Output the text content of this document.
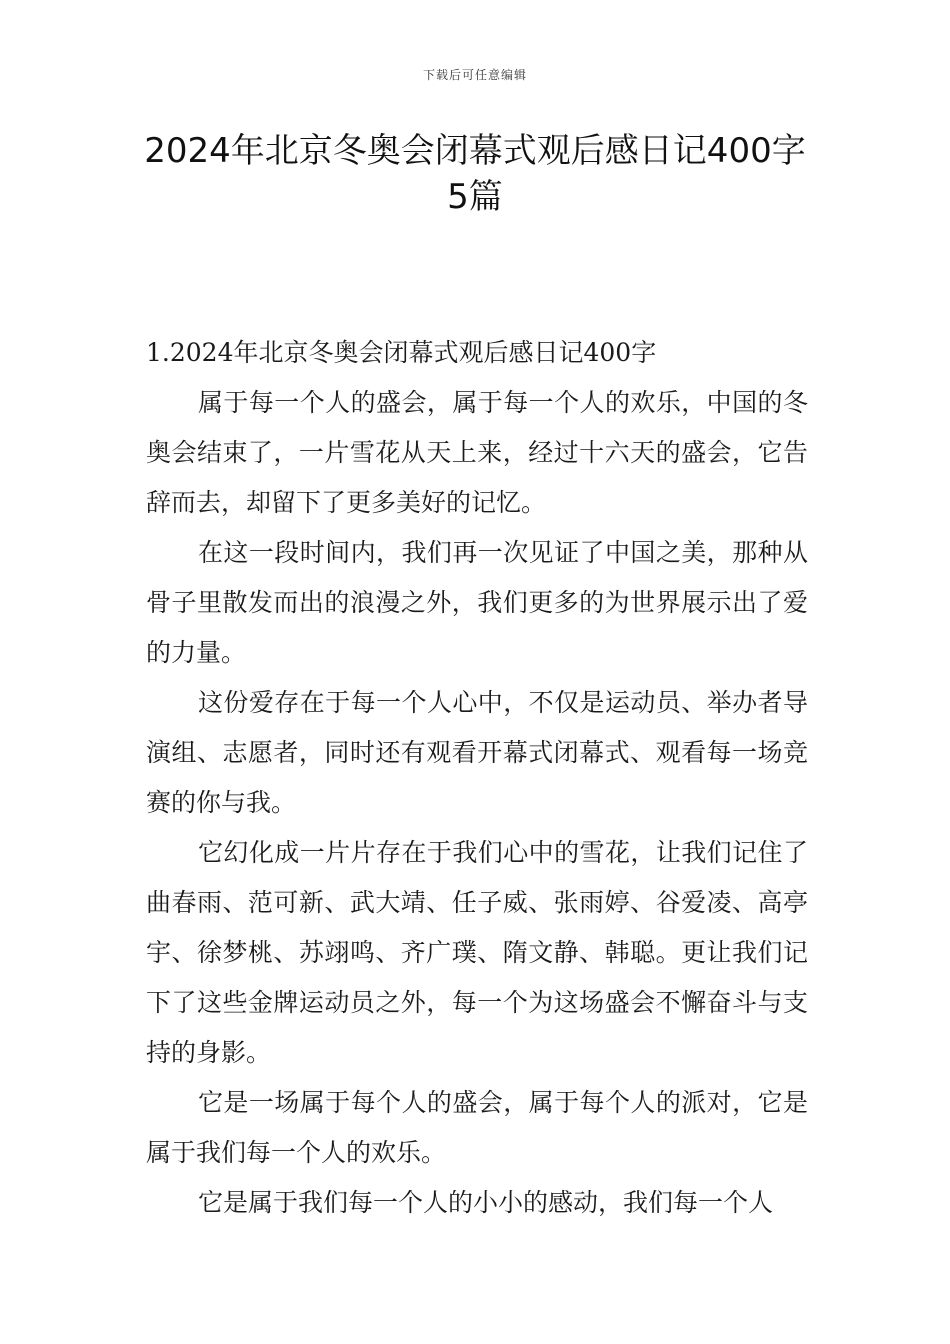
下载后可任意编辑
2024年北京冬奥会闭幕式观后感日记400字5篇

1.2024年北京冬奥会闭幕式观后感日记400字

属于每一个人的盛会，属于每一个人的欢乐，中国的冬奥会结束了，一片雪花从天上来，经过十六天的盛会，它告辞而去，却留下了更多美好的记忆。

在这一段时间内，我们再一次见证了中国之美，那种从骨子里散发而出的浪漫之外，我们更多的为世界展示出了爱的力量。

这份爱存在于每一个人心中，不仅是运动员、举办者导演组、志愿者，同时还有观看开幕式闭幕式、观看每一场竞赛的你与我。

它幻化成一片片存在于我们心中的雪花，让我们记住了曲春雨、范可新、武大靖、任子威、张雨婷、谷爱凌、高亭宇、徐梦桃、苏翊鸣、齐广璞、隋文静、韩聪。更让我们记下了这些金牌运动员之外，每一个为这场盛会不懈奋斗与支持的身影。

它是一场属于每个人的盛会，属于每个人的派对，它是属于我们每一个人的欢乐。

它是属于我们每一个人的小小的感动，我们每一个人
